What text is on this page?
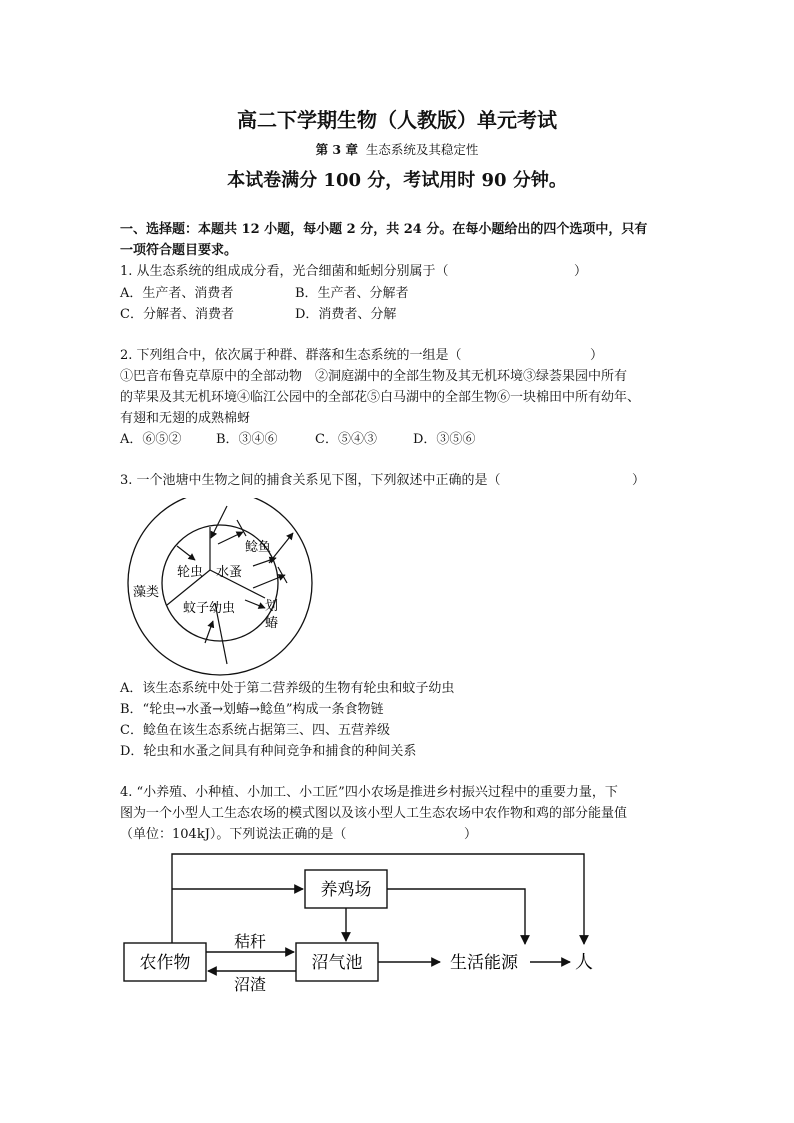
高二下学期生物（人教版）单元考试
第 3 章 生态系统及其稳定性
本试卷满分 100 分，考试用时 90 分钟。
一、选择题：本题共 12 小题，每小题 2 分，共 24 分。在每小题给出的四个选项中，只有
一项符合题目要求。
1. 从生态系统的组成成分看，光合细菌和蚯蚓分别属于（	）
A．生产者、消费者	B．生产者、分解者
C．分解者、消费者	D．消费者、分解
2. 下列组合中，依次属于种群、群落和生态系统的一组是（	）
①巴音布鲁克草原中的全部动物　②洞庭湖中的全部生物及其无机环境③绿荟果园中所有
的苹果及其无机环境④临江公园中的全部花⑤白马湖中的全部生物⑥一块棉田中所有幼年、
有翅和无翅的成熟棉蚜
A．⑥⑤②	B．③④⑥	C．⑤④③	D．③⑤⑥
3. 一个池塘中生物之间的捕食关系见下图，下列叙述中正确的是（	）
藻类
轮虫 水蚤
蚊子幼虫
鲶鱼
划
蝽
A．该生态系统中处于第二营养级的生物有轮虫和蚊子幼虫
B．“轮虫→水蚤→划蝽→鲶鱼”构成一条食物链
C．鲶鱼在该生态系统占据第三、四、五营养级
D．轮虫和水蚤之间具有种间竞争和捕食的种间关系
4. “小养殖、小种植、小加工、小工匠”四小农场是推进乡村振兴过程中的重要力量，下
图为一个小型人工生态农场的模式图以及该小型人工生态农场中农作物和鸡的部分能量值
（单位：104kJ）。下列说法正确的是（	）
养鸡场
农作物	沼气池
秸秆
沼渣
生活能源	人
